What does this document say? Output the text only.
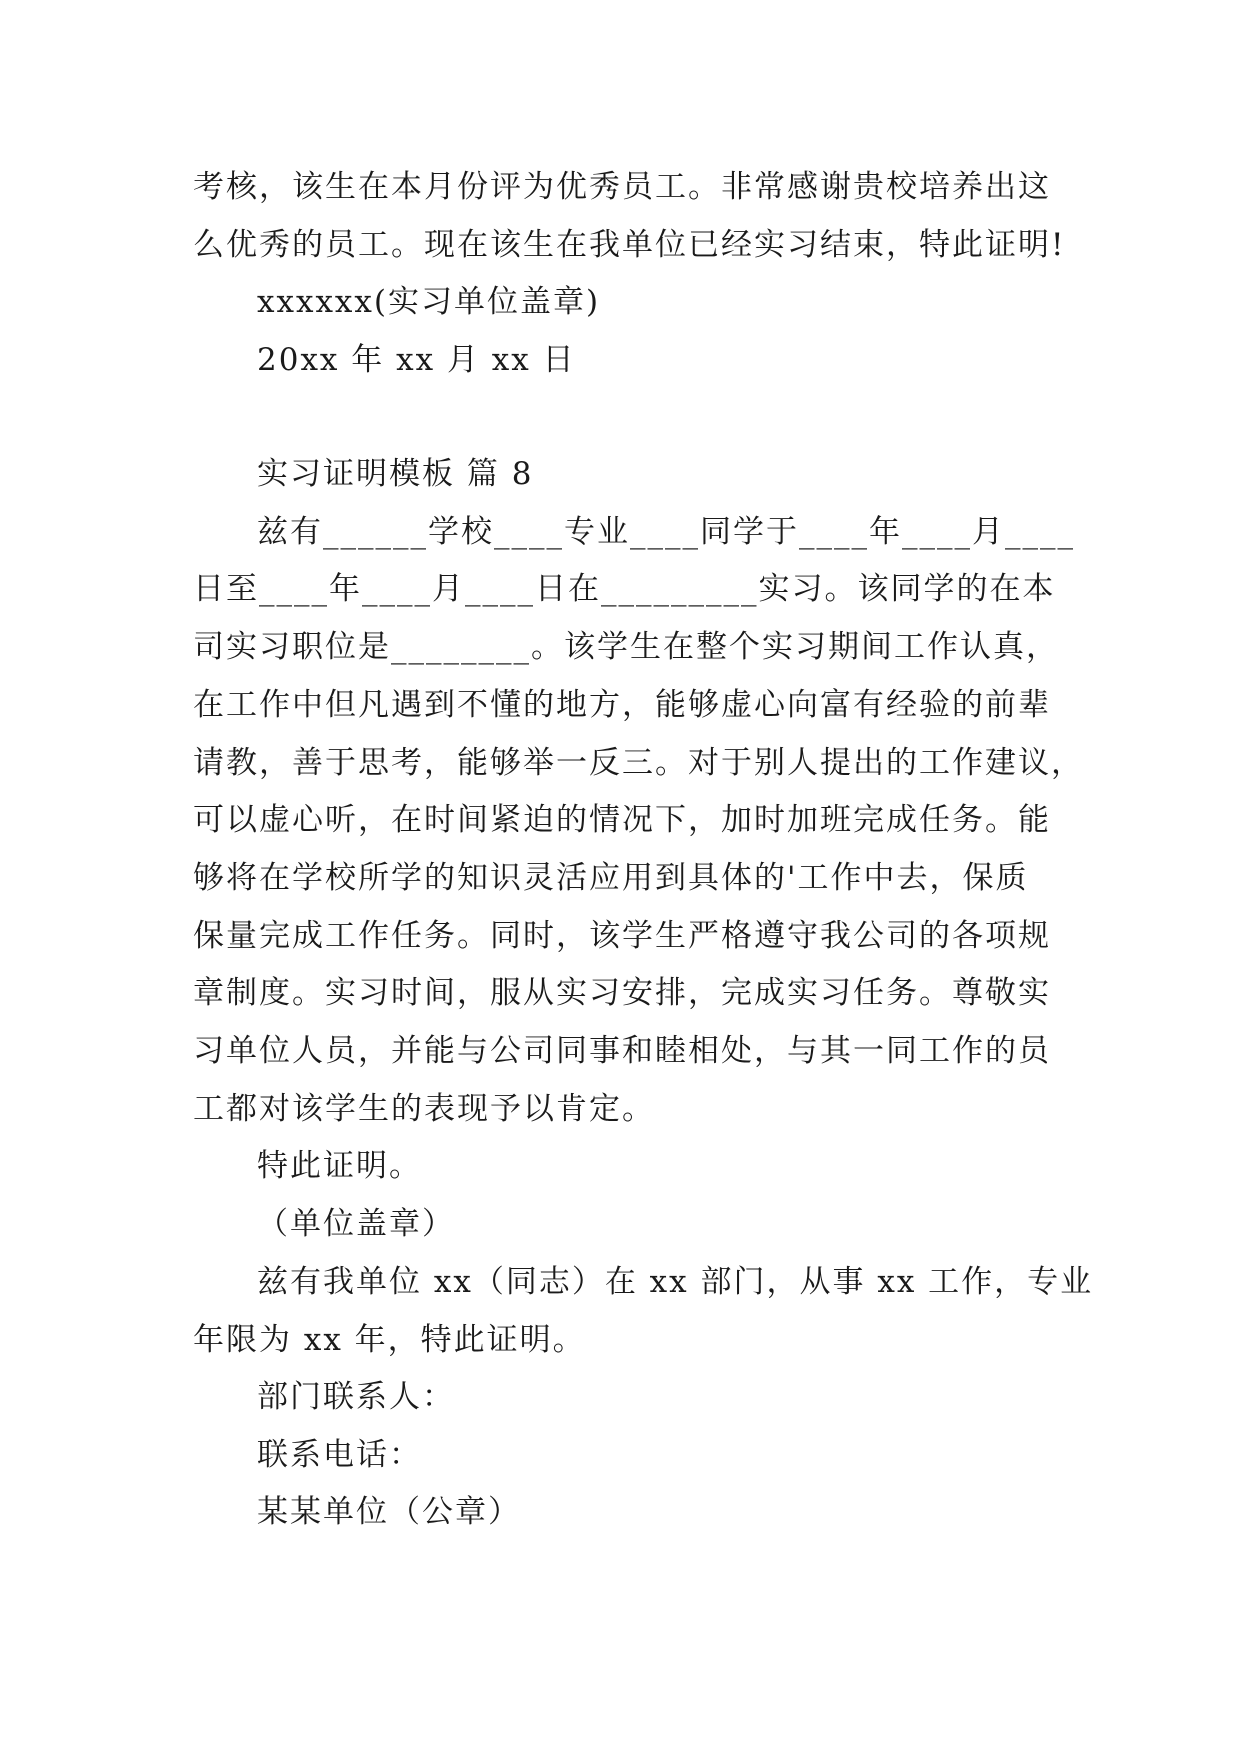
考核，该生在本月份评为优秀员工。非常感谢贵校培养出这
么优秀的员工。现在该生在我单位已经实习结束，特此证明!
xxxxxx(实习单位盖章)
20xx 年 xx 月 xx 日
实习证明模板 篇 8
兹有______学校____专业____同学于____年____月____
日至____年____月____日在_________实习。该同学的在本
司实习职位是________。该学生在整个实习期间工作认真，
在工作中但凡遇到不懂的地方，能够虚心向富有经验的前辈
请教，善于思考，能够举一反三。对于别人提出的工作建议，
可以虚心听，在时间紧迫的情况下，加时加班完成任务。能
够将在学校所学的知识灵活应用到具体的'工作中去，保质
保量完成工作任务。同时，该学生严格遵守我公司的各项规
章制度。实习时间，服从实习安排，完成实习任务。尊敬实
习单位人员，并能与公司同事和睦相处，与其一同工作的员
工都对该学生的表现予以肯定。
特此证明。
（单位盖章）
兹有我单位 xx（同志）在 xx 部门，从事 xx 工作，专业
年限为 xx 年，特此证明。
部门联系人：
联系电话：
某某单位（公章）
